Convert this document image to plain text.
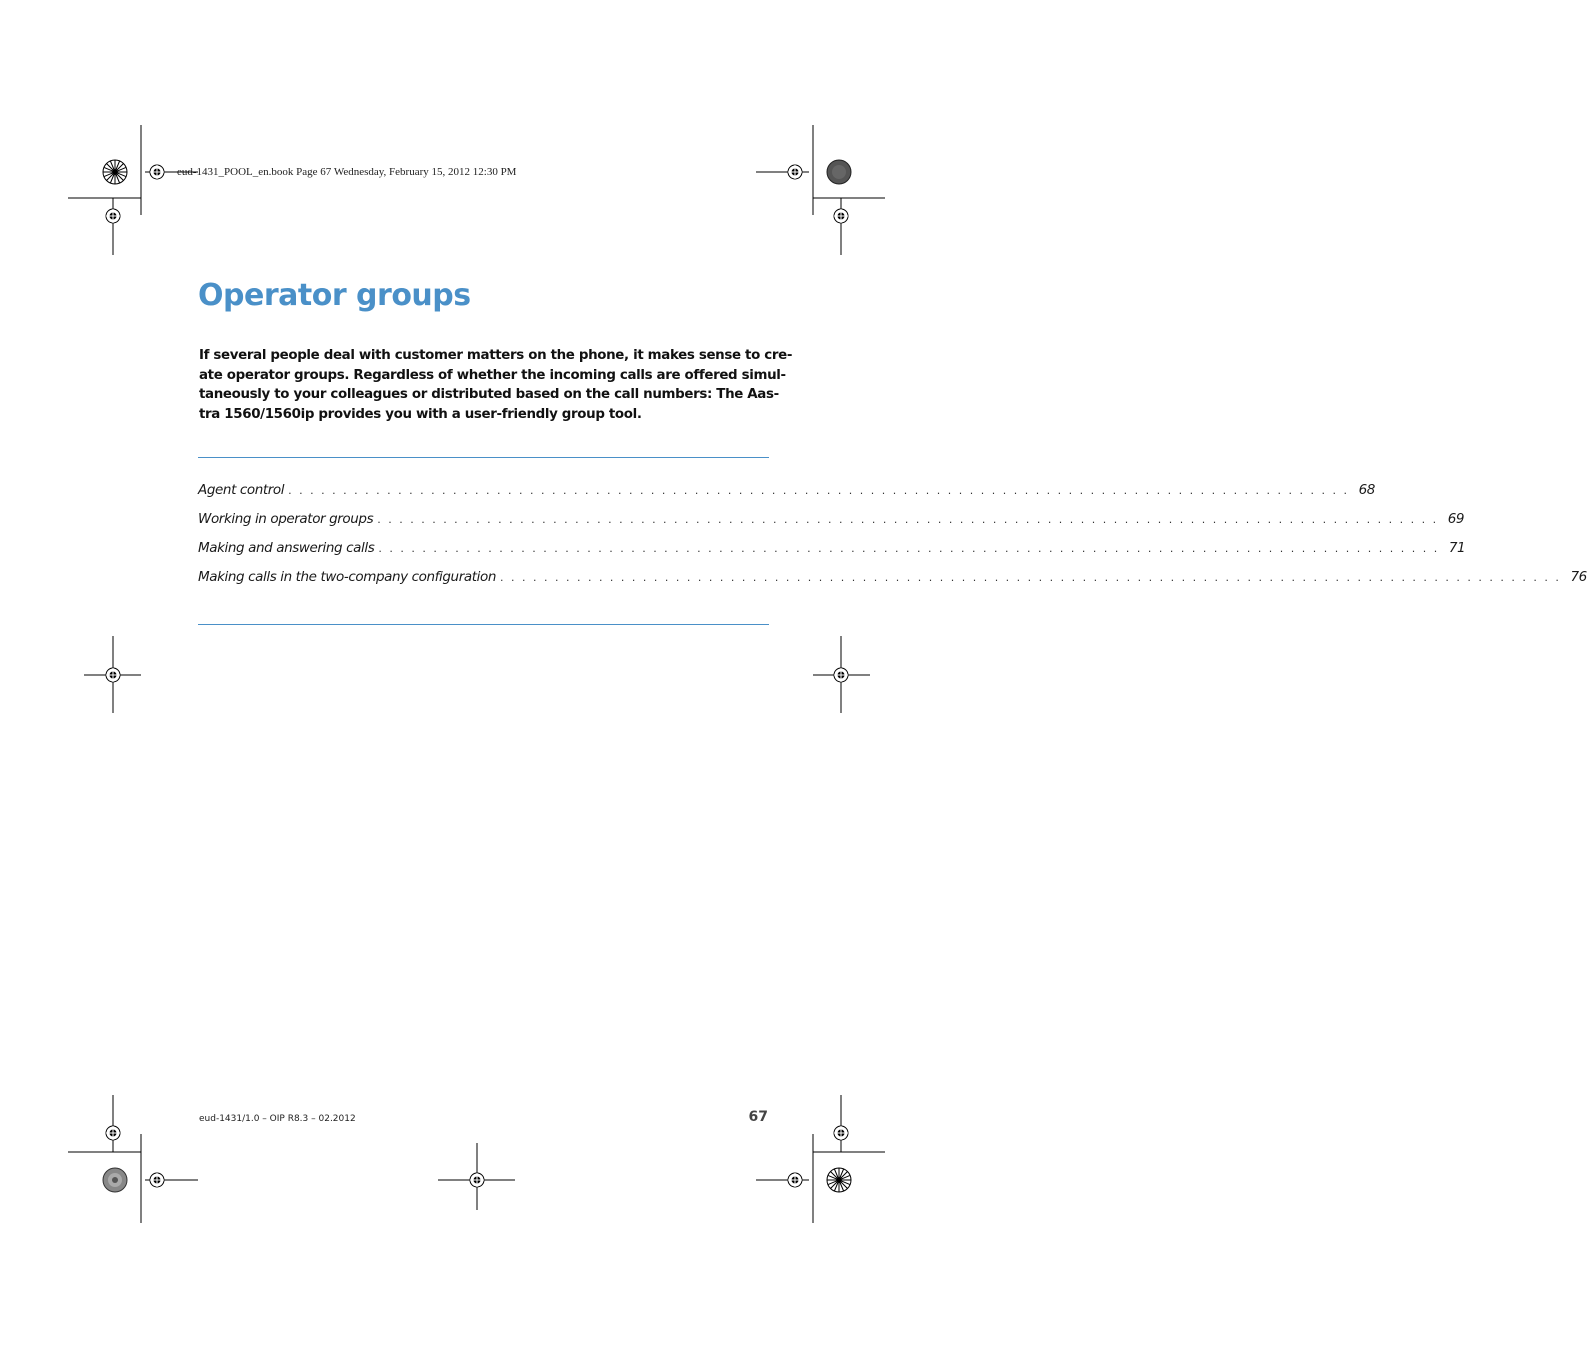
eud-1431_POOL_en.book Page 67 Wednesday, February 15, 2012 12:30 PM
Operator groups

If several people deal with customer matters on the phone, it makes sense to cre-
ate operator groups. Regardless of whether the incoming calls are offered simul-
taneously to your colleagues or distributed based on the call numbers: The Aas-
tra 1560/1560ip provides you with a user-friendly group tool.

Agent control . . . . . . . . . . . . . . . . . . . . . . . . . . . . . . . . . . . . . . . . . . . . . . . . . . . . . . . . . . . . . . . . . . . . . . . . . . . . . . . . . . . . . . . . . . . . . . . . . 68
Working in operator groups . . . . . . . . . . . . . . . . . . . . . . . . . . . . . . . . . . . . . . . . . . . . . . . . . . . . . . . . . . . . . . . . . . . . . . . . . . . . . . . . . . . . . . . . . . . . . . . . . 69
Making and answering calls . . . . . . . . . . . . . . . . . . . . . . . . . . . . . . . . . . . . . . . . . . . . . . . . . . . . . . . . . . . . . . . . . . . . . . . . . . . . . . . . . . . . . . . . . . . . . . . . . 71
Making calls in the two-company configuration . . . . . . . . . . . . . . . . . . . . . . . . . . . . . . . . . . . . . . . . . . . . . . . . . . . . . . . . . . . . . . . . . . . . . . . . . . . . . . . . . . . . . . . . . . . . . . . . . 76
eud-1431/1.0 – OIP R8.3 – 02.2012	67
